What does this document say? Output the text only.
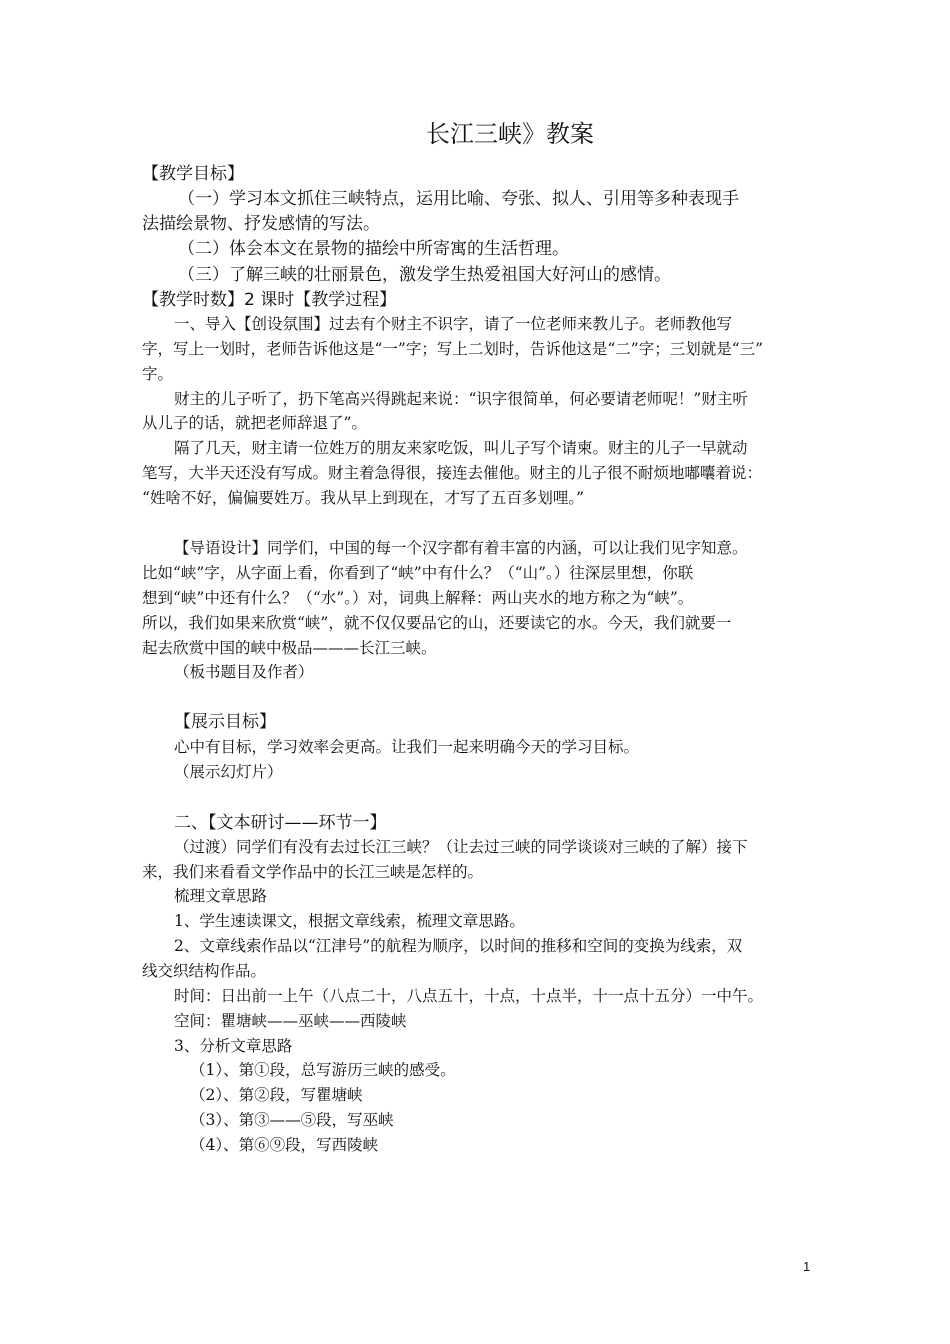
长江三峡》教案
【教学目标】
（一）学习本文抓住三峡特点，运用比喻、夸张、拟人、引用等多种表现手
法描绘景物、抒发感情的写法。
（二）体会本文在景物的描绘中所寄寓的生活哲理。
（三）了解三峡的壮丽景色，激发学生热爱祖国大好河山的感情。
【教学时数】2 课时【教学过程】
一、导入【创设氛围】过去有个财主不识字，请了一位老师来教儿子。老师教他写
字，写上一划时，老师告诉他这是“一”字；写上二划时，告诉他这是“二”字；三划就是“三”
字。
财主的儿子听了，扔下笔高兴得跳起来说：“识字很简单，何必要请老师呢！”财主听
从儿子的话，就把老师辞退了”。
隔了几天，财主请一位姓万的朋友来家吃饭，叫儿子写个请柬。财主的儿子一早就动
笔写，大半天还没有写成。财主着急得很，接连去催他。财主的儿子很不耐烦地嘟囔着说：
“姓啥不好，偏偏要姓万。我从早上到现在，才写了五百多划哩。”
【导语设计】同学们，中国的每一个汉字都有着丰富的内涵，可以让我们见字知意。
比如“峡”字，从字面上看，你看到了“峡”中有什么？（“山”。）往深层里想，你联
想到“峡”中还有什么？（“水”。）对，词典上解释：两山夹水的地方称之为“峡”。
所以，我们如果来欣赏“峡”，就不仅仅要品它的山，还要读它的水。今天，我们就要一
起去欣赏中国的峡中极品———长江三峡。
（板书题目及作者）
【展示目标】
心中有目标，学习效率会更高。让我们一起来明确今天的学习目标。
（展示幻灯片）
二、【文本研讨——环节一】
（过渡）同学们有没有去过长江三峡？（让去过三峡的同学谈谈对三峡的了解）接下
来，我们来看看文学作品中的长江三峡是怎样的。
梳理文章思路
1、学生速读课文，根据文章线索，梳理文章思路。
2、文章线索作品以“江津号”的航程为顺序，以时间的推移和空间的变换为线索，双
线交织结构作品。
时间：日出前一上午（八点二十，八点五十，十点，十点半，十一点十五分）一中午。
空间：瞿塘峡——巫峡——西陵峡
3、分析文章思路
（1）、第①段，总写游历三峡的感受。
（2）、第②段，写瞿塘峡
（3）、第③——⑤段，写巫峡
（4）、第⑥⑨段，写西陵峡
1
